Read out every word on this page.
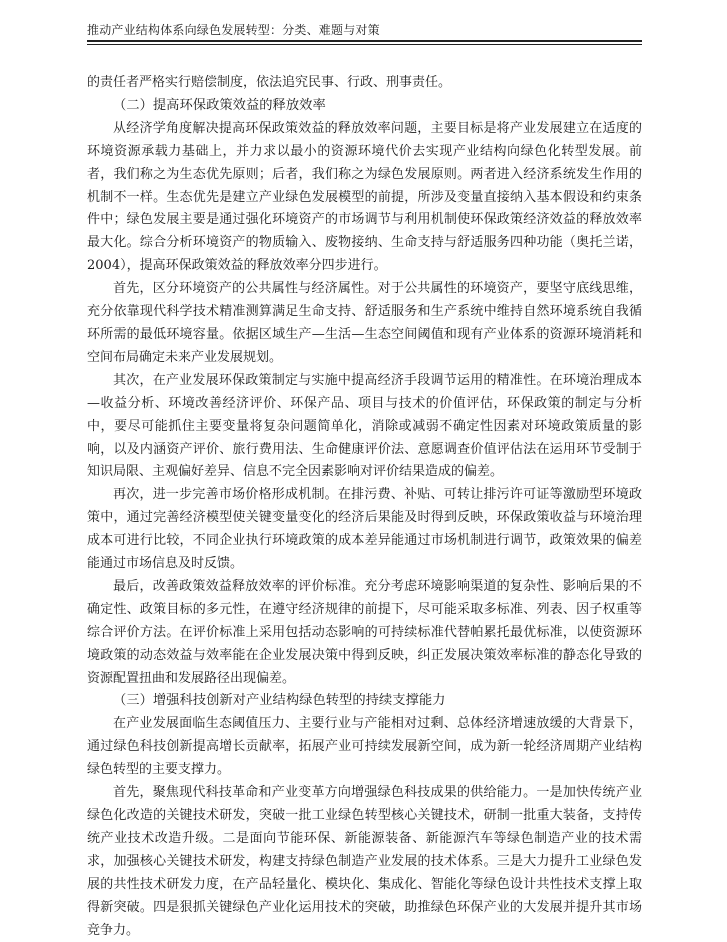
推动产业结构体系向绿色发展转型：分类、难题与对策

的责任者严格实行赔偿制度，依法追究民事、行政、刑事责任。

（二）提高环保政策效益的释放效率

从经济学角度解决提高环保政策效益的释放效率问题，主要目标是将产业发展建立在适度的环境资源承载力基础上，并力求以最小的资源环境代价去实现产业结构向绿色化转型发展。前者，我们称之为生态优先原则；后者，我们称之为绿色发展原则。两者进入经济系统发生作用的机制不一样。生态优先是建立产业绿色发展模型的前提，所涉及变量直接纳入基本假设和约束条件中；绿色发展主要是通过强化环境资产的市场调节与利用机制使环保政策经济效益的释放效率最大化。综合分析环境资产的物质输入、废物接纳、生命支持与舒适服务四种功能（奥托兰诺，2004），提高环保政策效益的释放效率分四步进行。

首先，区分环境资产的公共属性与经济属性。对于公共属性的环境资产，要坚守底线思维，充分依靠现代科学技术精准测算满足生命支持、舒适服务和生产系统中维持自然环境系统自我循环所需的最低环境容量。依据区域生产—生活—生态空间阈值和现有产业体系的资源环境消耗和空间布局确定未来产业发展规划。

其次，在产业发展环保政策制定与实施中提高经济手段调节运用的精准性。在环境治理成本—收益分析、环境改善经济评价、环保产品、项目与技术的价值评估，环保政策的制定与分析中，要尽可能抓住主要变量将复杂问题简单化，消除或减弱不确定性因素对环境政策质量的影响，以及内涵资产评价、旅行费用法、生命健康评价法、意愿调查价值评估法在运用环节受制于知识局限、主观偏好差异、信息不完全因素影响对评价结果造成的偏差。

再次，进一步完善市场价格形成机制。在排污费、补贴、可转让排污许可证等激励型环境政策中，通过完善经济模型使关键变量变化的经济后果能及时得到反映，环保政策收益与环境治理成本可进行比较，不同企业执行环境政策的成本差异能通过市场机制进行调节，政策效果的偏差能通过市场信息及时反馈。

最后，改善政策效益释放效率的评价标准。充分考虑环境影响渠道的复杂性、影响后果的不确定性、政策目标的多元性，在遵守经济规律的前提下，尽可能采取多标准、列表、因子权重等综合评价方法。在评价标准上采用包括动态影响的可持续标准代替帕累托最优标准，以使资源环境政策的动态效益与效率能在企业发展决策中得到反映，纠正发展决策效率标准的静态化导致的资源配置扭曲和发展路径出现偏差。

（三）增强科技创新对产业结构绿色转型的持续支撑能力

在产业发展面临生态阈值压力、主要行业与产能相对过剩、总体经济增速放缓的大背景下，通过绿色科技创新提高增长贡献率，拓展产业可持续发展新空间，成为新一轮经济周期产业结构绿色转型的主要支撑力。

首先，聚焦现代科技革命和产业变革方向增强绿色科技成果的供给能力。一是加快传统产业绿色化改造的关键技术研发，突破一批工业绿色转型核心关键技术，研制一批重大装备，支持传统产业技术改造升级。二是面向节能环保、新能源装备、新能源汽车等绿色制造产业的技术需求，加强核心关键技术研发，构建支持绿色制造产业发展的技术体系。三是大力提升工业绿色发展的共性技术研发力度，在产品轻量化、模块化、集成化、智能化等绿色设计共性技术支撑上取得新突破。四是狠抓关键绿色产业化运用技术的突破，助推绿色环保产业的大发展并提升其市场竞争力。
